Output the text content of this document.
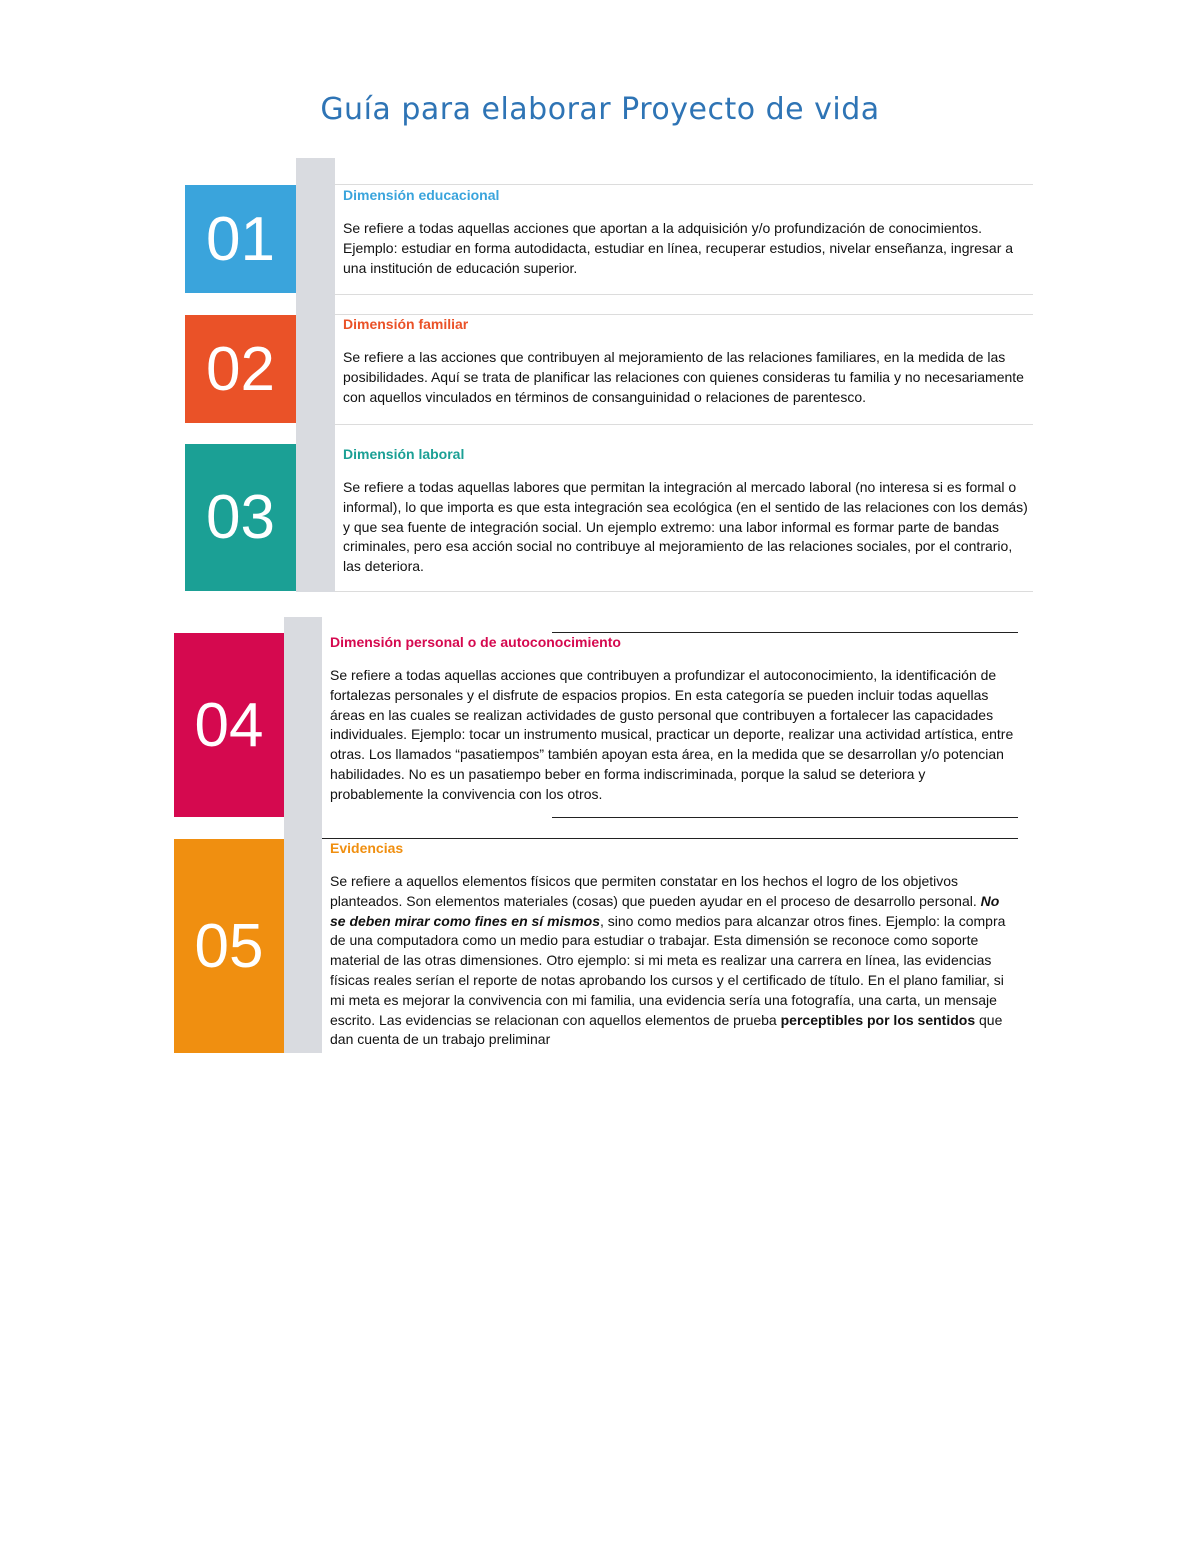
Guía para elaborar Proyecto de vida
01

Dimensión educacional

Se refiere a todas aquellas acciones que aportan a la adquisición y/o profundización de conocimientos. Ejemplo: estudiar en forma autodidacta, estudiar en línea, recuperar estudios, nivelar enseñanza, ingresar a una institución de educación superior.

02

Dimensión familiar

Se refiere a las acciones que contribuyen al mejoramiento de las relaciones familiares, en la medida de las posibilidades. Aquí se trata de planificar las relaciones con quienes consideras tu familia y no necesariamente con aquellos vinculados en términos de consanguinidad o relaciones de parentesco.

03

Dimensión laboral

Se refiere a todas aquellas labores que permitan la integración al mercado laboral (no interesa si es formal o informal), lo que importa es que esta integración sea ecológica (en el sentido de las relaciones con los demás) y que sea fuente de integración social. Un ejemplo extremo: una labor informal es formar parte de bandas criminales, pero esa acción social no contribuye al mejoramiento de las relaciones sociales, por el contrario, las deteriora.

04

Dimensión personal o de autoconocimiento

Se refiere a todas aquellas acciones que contribuyen a profundizar el autoconocimiento, la identificación de fortalezas personales y el disfrute de espacios propios. En esta categoría se pueden incluir todas aquellas áreas en las cuales se realizan actividades de gusto personal que contribuyen a fortalecer las capacidades individuales. Ejemplo: tocar un instrumento musical, practicar un deporte, realizar una actividad artística, entre otras. Los llamados “pasatiempos” también apoyan esta área, en la medida que se desarrollan y/o potencian habilidades. No es un pasatiempo beber en forma indiscriminada, porque la salud se deteriora y probablemente la convivencia con los otros.

05

Evidencias

Se refiere a aquellos elementos físicos que permiten constatar en los hechos el logro de los objetivos planteados. Son elementos materiales (cosas) que pueden ayudar en el proceso de desarrollo personal. No se deben mirar como fines en sí mismos, sino como medios para alcanzar otros fines. Ejemplo: la compra de una computadora como un medio para estudiar o trabajar. Esta dimensión se reconoce como soporte material de las otras dimensiones. Otro ejemplo: si mi meta es realizar una carrera en línea, las evidencias físicas reales serían el reporte de notas aprobando los cursos y el certificado de título. En el plano familiar, si mi meta es mejorar la convivencia con mi familia, una evidencia sería una fotografía, una carta, un mensaje escrito. Las evidencias se relacionan con aquellos elementos de prueba perceptibles por los sentidos que dan cuenta de un trabajo preliminar
